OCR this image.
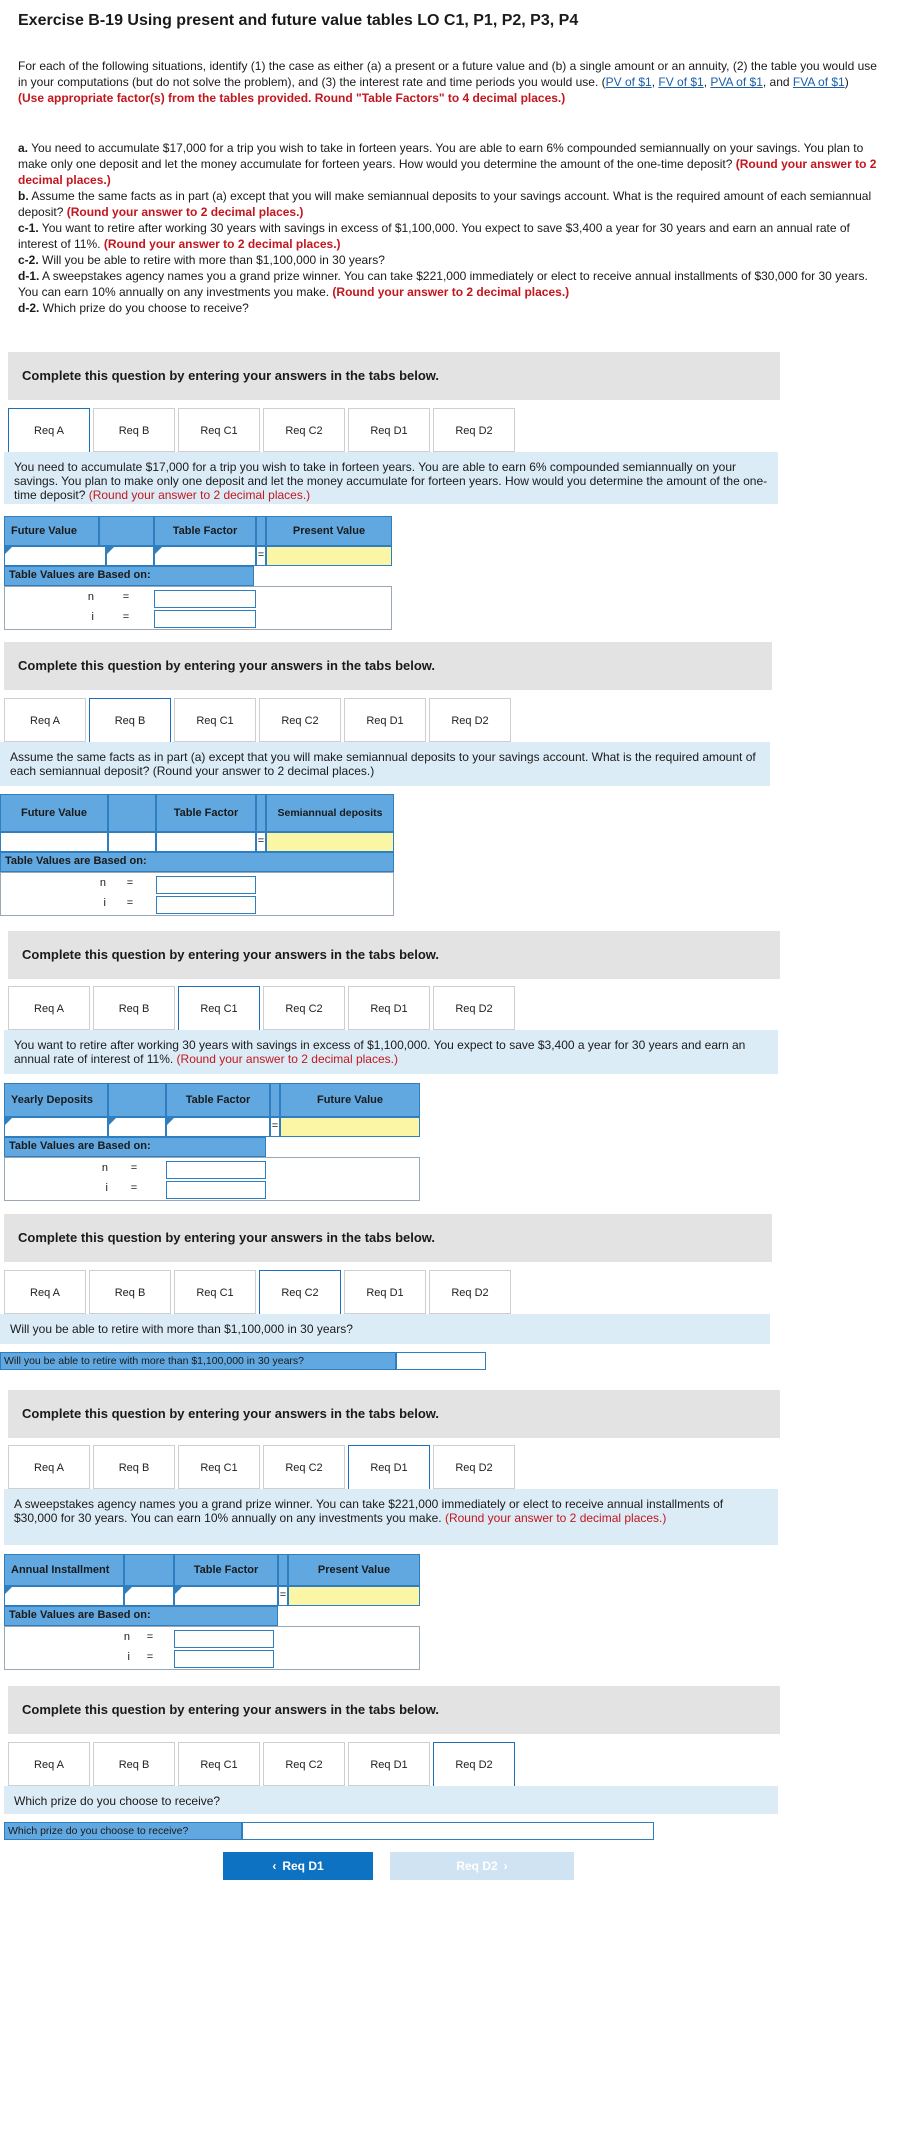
Exercise B-19 Using present and future value tables LO C1, P1, P2, P3, P4
For each of the following situations, identify (1) the case as either (a) a present or a future value and (b) a single amount or an annuity, (2) the table you would use in your computations (but do not solve the problem), and (3) the interest rate and time periods you would use. (PV of $1, FV of $1, PVA of $1, and FVA of $1) (Use appropriate factor(s) from the tables provided. Round "Table Factors" to 4 decimal places.)
a. You need to accumulate $17,000 for a trip you wish to take in forteen years. You are able to earn 6% compounded semiannually on your savings. You plan to make only one deposit and let the money accumulate for forteen years. How would you determine the amount of the one-time deposit? (Round your answer to 2 decimal places.)
b. Assume the same facts as in part (a) except that you will make semiannual deposits to your savings account. What is the required amount of each semiannual deposit? (Round your answer to 2 decimal places.)
c-1. You want to retire after working 30 years with savings in excess of $1,100,000. You expect to save $3,400 a year for 30 years and earn an annual rate of interest of 11%. (Round your answer to 2 decimal places.)
c-2. Will you be able to retire with more than $1,100,000 in 30 years?
d-1. A sweepstakes agency names you a grand prize winner. You can take $221,000 immediately or elect to receive annual installments of $30,000 for 30 years. You can earn 10% annually on any investments you make. (Round your answer to 2 decimal places.)
d-2. Which prize do you choose to receive?
Complete this question by entering your answers in the tabs below.
Req A	Req B	Req C1	Req C2	Req D1	Req D2
You need to accumulate $17,000 for a trip you wish to take in forteen years. You are able to earn 6% compounded semiannually on your savings. You plan to make only one deposit and let the money accumulate for forteen years. How would you determine the amount of the one-time deposit? (Round your answer to 2 decimal places.)
Future Value	Table Factor	Present Value
=
Table Values are Based on:
n	=
i	=
Complete this question by entering your answers in the tabs below.
Req A	Req B	Req C1	Req C2	Req D1	Req D2
Assume the same facts as in part (a) except that you will make semiannual deposits to your savings account. What is the required amount of each semiannual deposit? (Round your answer to 2 decimal places.)
Future Value	Table Factor	Semiannual deposits
=
Table Values are Based on:
n	=
i	=
Complete this question by entering your answers in the tabs below.
Req A	Req B	Req C1	Req C2	Req D1	Req D2
You want to retire after working 30 years with savings in excess of $1,100,000. You expect to save $3,400 a year for 30 years and earn an annual rate of interest of 11%. (Round your answer to 2 decimal places.)
Yearly Deposits	Table Factor	Future Value
=
Table Values are Based on:
n	=
i	=
Complete this question by entering your answers in the tabs below.
Req A	Req B	Req C1	Req C2	Req D1	Req D2
Will you be able to retire with more than $1,100,000 in 30 years?
Will you be able to retire with more than $1,100,000 in 30 years?
Complete this question by entering your answers in the tabs below.
Req A	Req B	Req C1	Req C2	Req D1	Req D2
A sweepstakes agency names you a grand prize winner. You can take $221,000 immediately or elect to receive annual installments of $30,000 for 30 years. You can earn 10% annually on any investments you make. (Round your answer to 2 decimal places.)
Annual Installment	Table Factor	Present Value
=
Table Values are Based on:
n	=
i	=
Complete this question by entering your answers in the tabs below.
Req A	Req B	Req C1	Req C2	Req D1	Req D2
Which prize do you choose to receive?
Which prize do you choose to receive?
‹ Req D1	Req D2 ›
